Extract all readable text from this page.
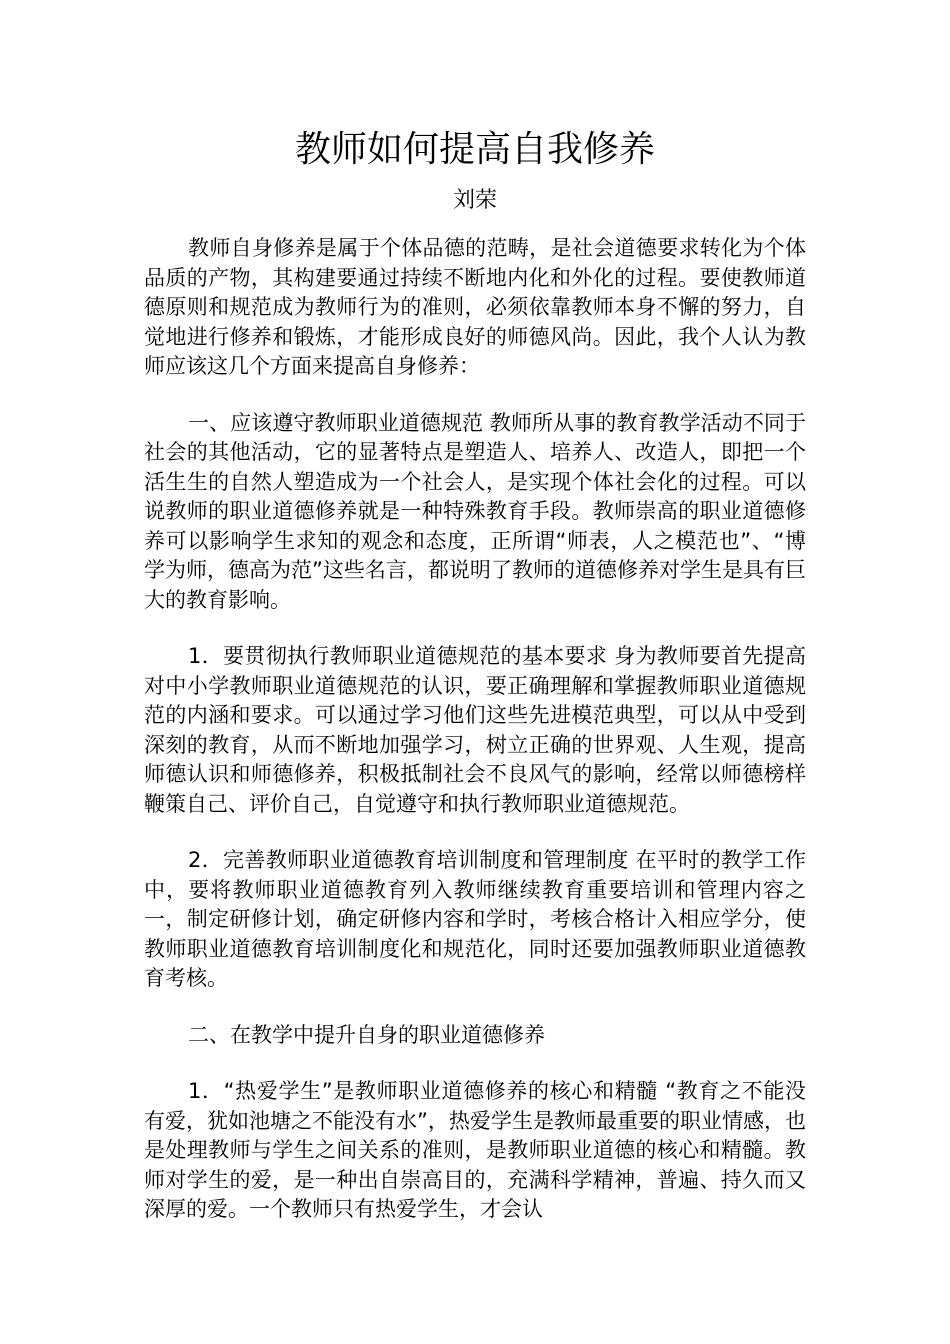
教师如何提高自我修养

刘荣

教师自身修养是属于个体品德的范畴，是社会道德要求转化为个体品质的产物，其构建要通过持续不断地内化和外化的过程。要使教师道德原则和规范成为教师行为的准则，必须依靠教师本身不懈的努力，自觉地进行修养和锻炼，才能形成良好的师德风尚。因此，我个人认为教师应该这几个方面来提高自身修养：

一、应该遵守教师职业道德规范 教师所从事的教育教学活动不同于社会的其他活动，它的显著特点是塑造人、培养人、改造人，即把一个活生生的自然人塑造成为一个社会人，是实现个体社会化的过程。可以说教师的职业道德修养就是一种特殊教育手段。教师崇高的职业道德修养可以影响学生求知的观念和态度，正所谓“师表，人之模范也”、“博学为师，德高为范”这些名言，都说明了教师的道德修养对学生是具有巨大的教育影响。

1．要贯彻执行教师职业道德规范的基本要求 身为教师要首先提高对中小学教师职业道德规范的认识，要正确理解和掌握教师职业道德规范的内涵和要求。可以通过学习他们这些先进模范典型，可以从中受到深刻的教育，从而不断地加强学习，树立正确的世界观、人生观，提高师德认识和师德修养，积极抵制社会不良风气的影响，经常以师德榜样鞭策自己、评价自己，自觉遵守和执行教师职业道德规范。

2．完善教师职业道德教育培训制度和管理制度 在平时的教学工作中，要将教师职业道德教育列入教师继续教育重要培训和管理内容之一，制定研修计划，确定研修内容和学时，考核合格计入相应学分，使教师职业道德教育培训制度化和规范化，同时还要加强教师职业道德教育考核。

二、在教学中提升自身的职业道德修养

1．“热爱学生”是教师职业道德修养的核心和精髓 “教育之不能没有爱，犹如池塘之不能没有水”，热爱学生是教师最重要的职业情感，也是处理教师与学生之间关系的准则，是教师职业道德的核心和精髓。教师对学生的爱，是一种出自崇高目的，充满科学精神，普遍、持久而又深厚的爱。一个教师只有热爱学生，才会认
